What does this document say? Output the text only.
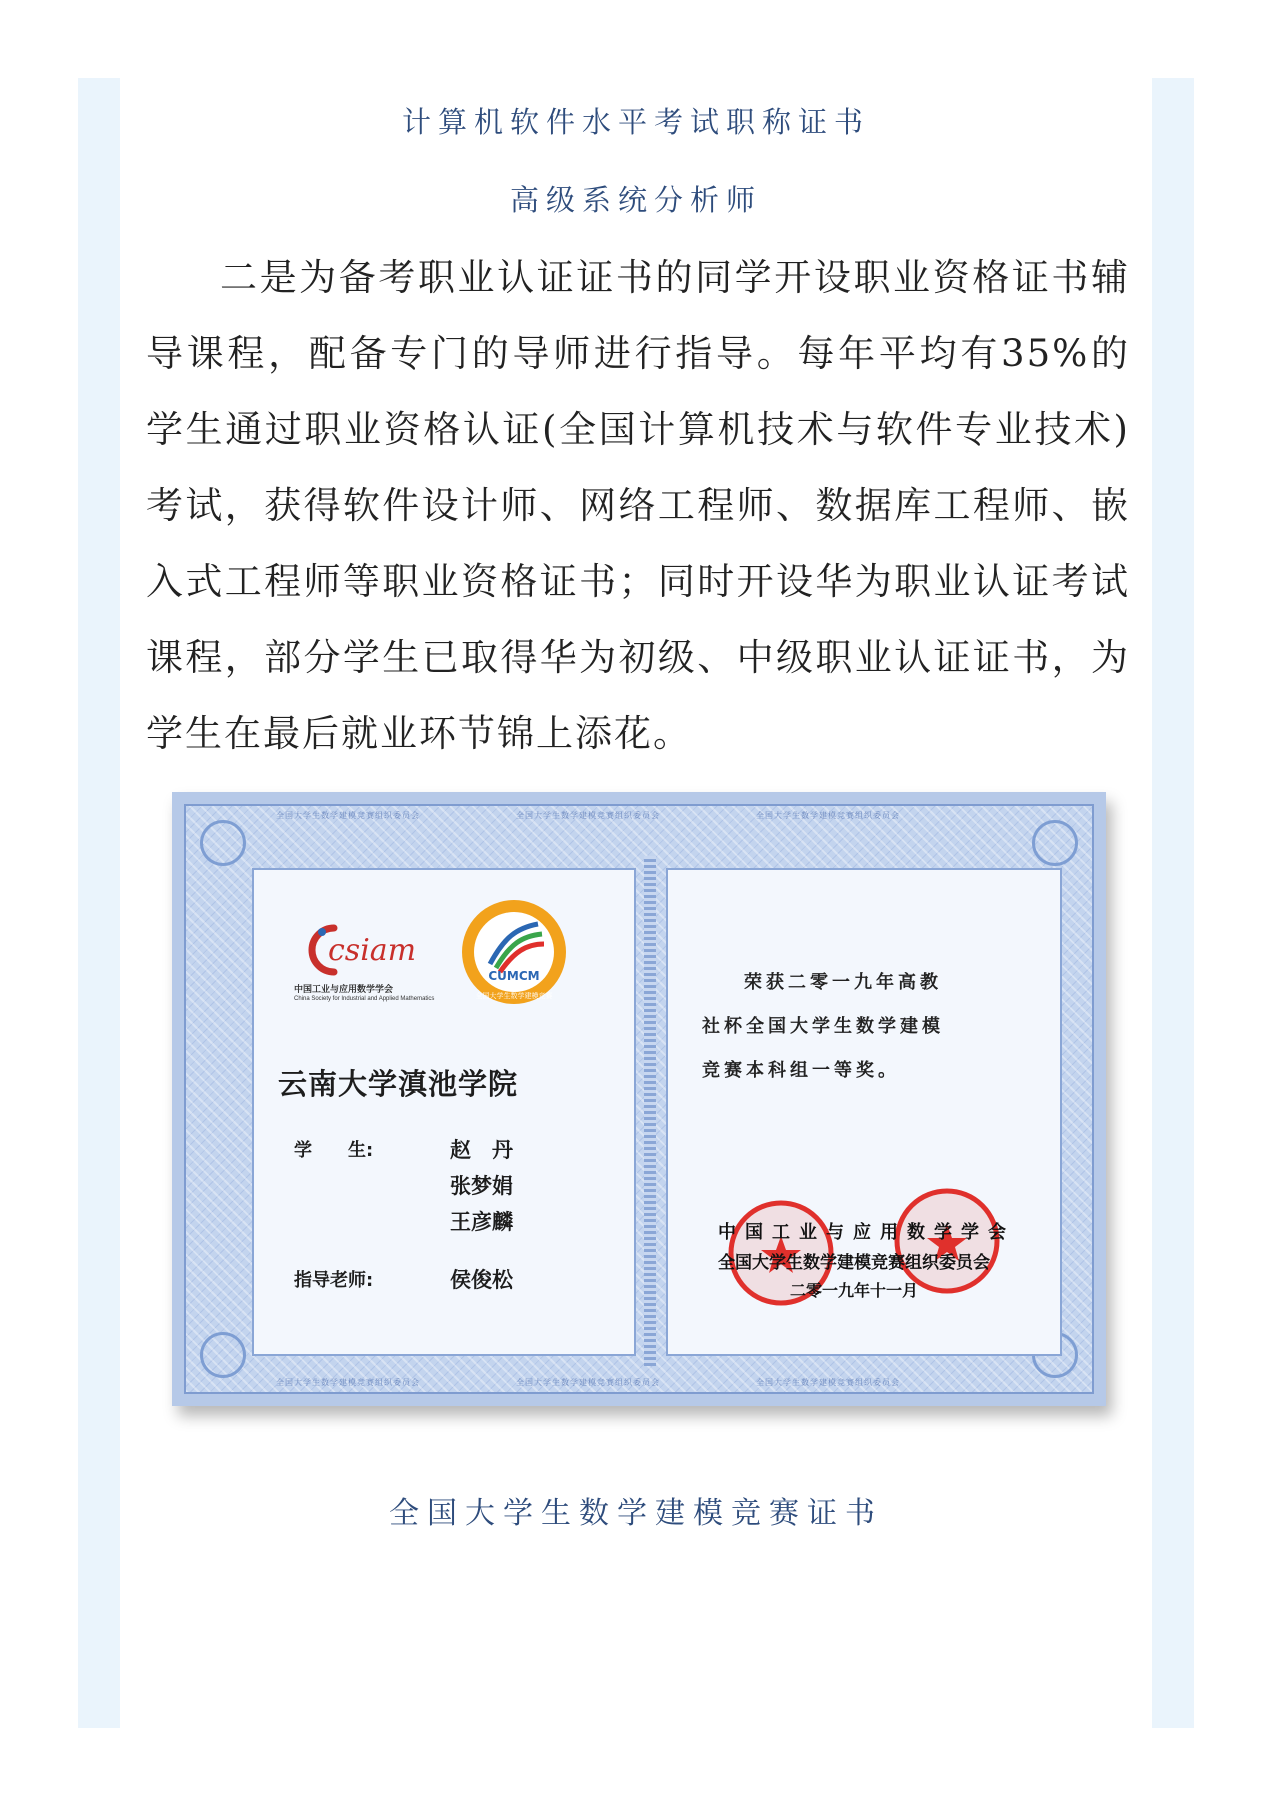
计算机软件水平考试职称证书
高级系统分析师

二是为备考职业认证证书的同学开设职业资格证书辅导课程，配备专门的导师进行指导。每年平均有35%的学生通过职业资格认证(全国计算机技术与软件专业技术)考试，获得软件设计师、网络工程师、数据库工程师、嵌入式工程师等职业资格证书；同时开设华为职业认证考试课程，部分学生已取得华为初级、中级职业认证证书，为学生在最后就业环节锦上添花。

全国大学生数学建模竞赛组织委员会	全国大学生数学建模竞赛组织委员会	全国大学生数学建模竞赛组织委员会
全国大学生数学建模竞赛组织委员会	全国大学生数学建模竞赛组织委员会	全国大学生数学建模竞赛组织委员会
csiam
中国工业与应用数学学会
China Society for Industrial and Applied Mathematics
CUMCM
全国大学生数学建模竞赛
云南大学滇池学院
学　　生:	赵　丹
张梦娟
王彦麟
指导老师:	侯俊松
荣获二零一九年高教
社杯全国大学生数学建模
竞赛本科组一等奖。
中国工业与应用数学学会
全国大学生数学建模竞赛组织委员会
二零一九年十一月

全国大学生数学建模竞赛证书
